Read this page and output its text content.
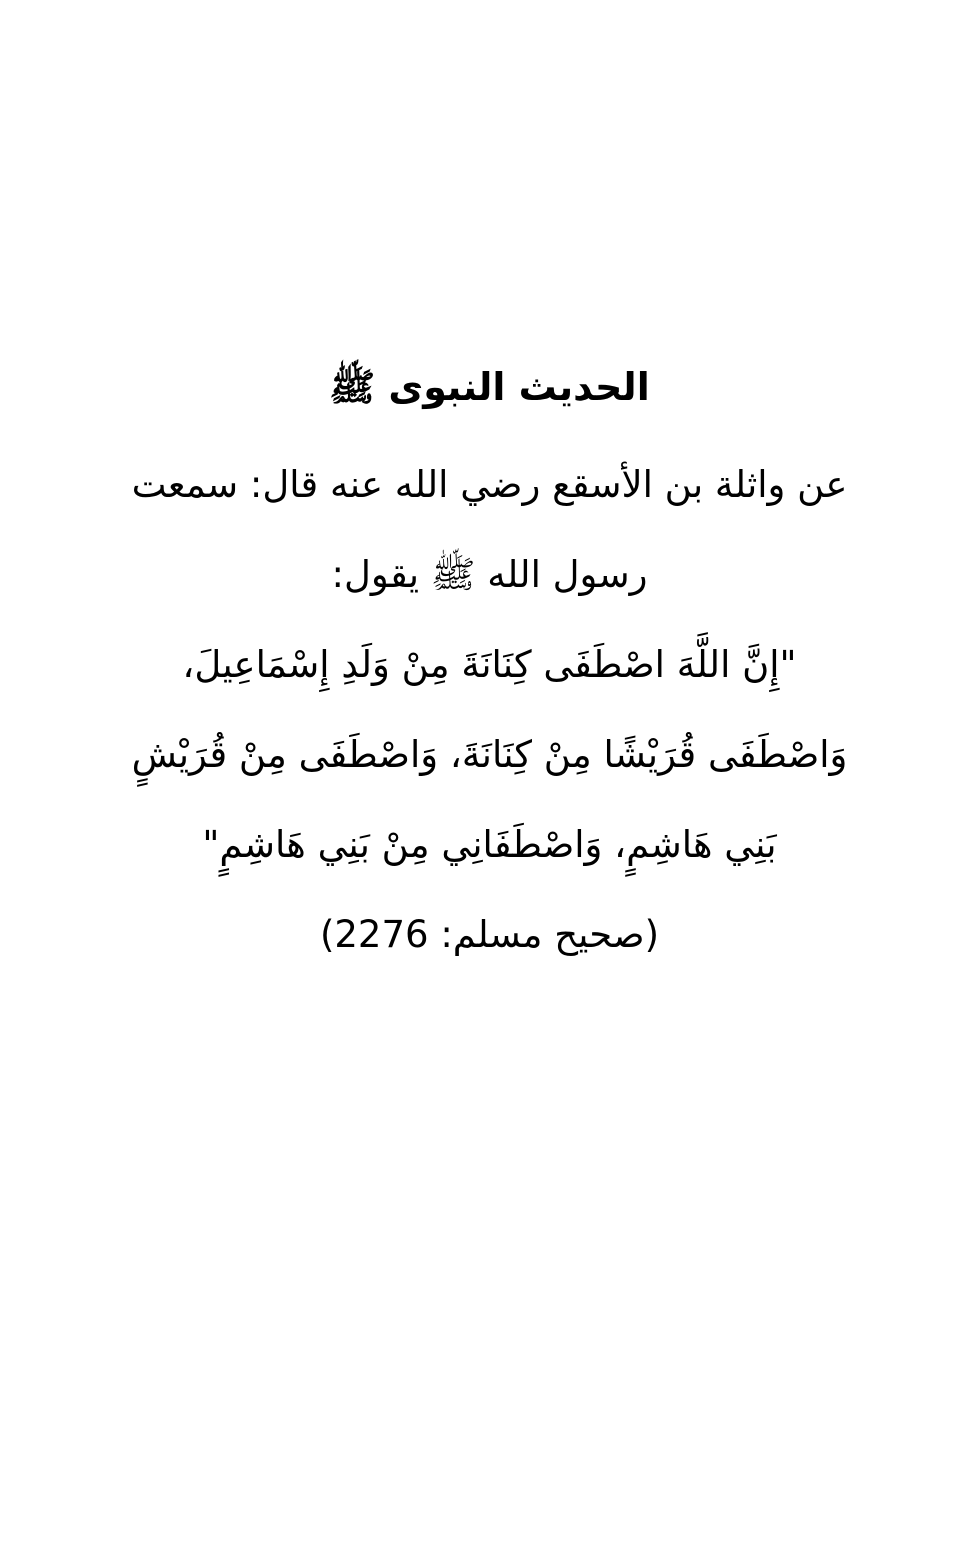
الحديث النبوى ﷺ

عن واثلة بن الأسقع رضي الله عنه قال: سمعت

رسول الله ﷺ يقول:

"إِنَّ اللَّهَ اصْطَفَى كِنَانَةَ مِنْ وَلَدِ إِسْمَاعِيلَ،

وَاصْطَفَى قُرَيْشًا مِنْ كِنَانَةَ، وَاصْطَفَى مِنْ قُرَيْشٍ

بَنِي هَاشِمٍ، وَاصْطَفَانِي مِنْ بَنِي هَاشِمٍ"

(صحيح مسلم: 2276)
